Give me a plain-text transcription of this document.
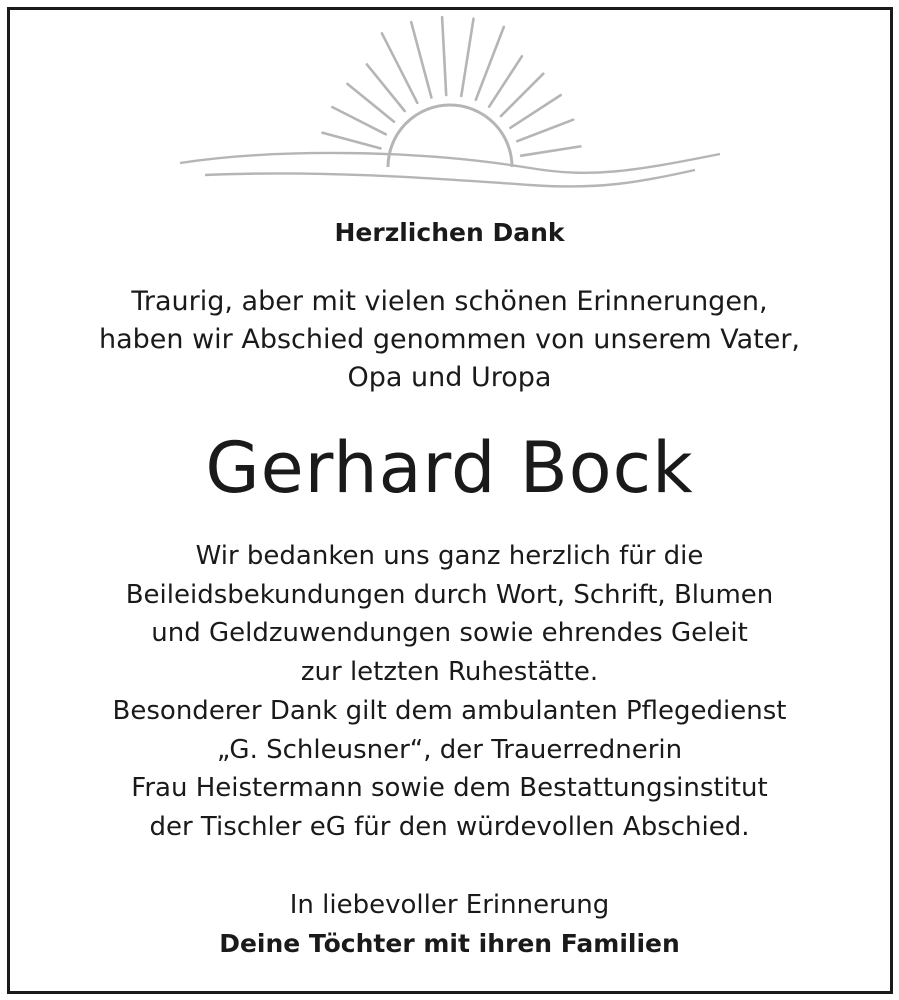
Herzlichen Dank

Traurig, aber mit vielen schönen Erinnerungen,
haben wir Abschied genommen von unserem Vater,
Opa und Uropa

Gerhard Bock

Wir bedanken uns ganz herzlich für die
Beileidsbekundungen durch Wort, Schrift, Blumen
und Geldzuwendungen sowie ehrendes Geleit
zur letzten Ruhestätte.
Besonderer Dank gilt dem ambulanten Pflegedienst
„G. Schleusner“, der Trauerrednerin
Frau Heistermann sowie dem Bestattungsinstitut
der Tischler eG für den würdevollen Abschied.

In liebevoller Erinnerung

Deine Töchter mit ihren Familien
